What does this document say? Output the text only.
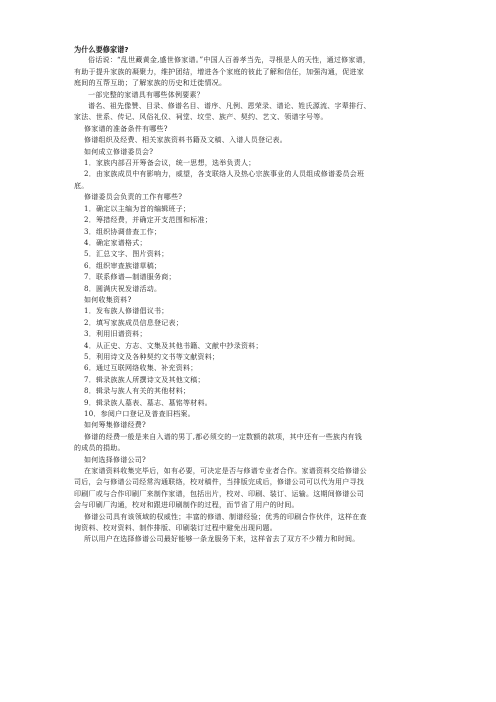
为什么要修家谱?

俗话说：“乱世藏黄金,盛世修家谱。”中国人百善孝当先，寻根是人的天性，通过修家谱，

有助于提升家族的凝聚力，维护团结，增进各个家庭的彼此了解和信任，加强沟通，促进家

庭间的互帮互助；了解家族的历史和迁徙情况。

一部完整的家谱具有哪些体例要素？

谱名、祖先像赞、目录、修谱名目、谱序、凡例、恩荣录、谱论、姓氏源流、字辈排行、

家法、世系、传记、风俗礼仪、祠堂、坟茔、族产、契约、艺文、领谱字号等。

修家谱的准备条件有哪些?

修谱组织及经费、相关家族资料书籍及文稿、入谱人员登记表。

如何成立修谱委员会?

1．家族内部召开筹备会议，统一思想，选举负责人；

2．由家族成员中有影响力，威望，各支联络人及热心宗族事业的人员组成修谱委员会班

底。

修谱委员会负责的工作有哪些?

1．确定以主编为首的编辑班子；

2．筹措经费，并确定开支范围和标准；

3．组织协调普查工作；

4．确定家谱格式；

5．汇总文字、图片资料；

6．组织审查族谱草稿；

7．联系修谱—制谱服务商；

8．圆满庆祝发谱活动。

如何收集资料?

1．发布族人修谱倡议书；

2．填写家族成员信息登记表；

3．利用旧谱资料；

4．从正史、方志、文集及其他书籍、文献中抄录资料；

5．利用诗文及各种契约文书等文献资料；

6．通过互联网络收集、补充资料；

7．辑录族族人所撰诗文及其他文稿；

8．辑录与族人有关的其他材料；

9．辑录族人墓表、墓志、墓铭等材料。

10．参阅户口登记及普查旧档案。

如何筹集修谱经费?

修谱的经费一般是来自入谱的男丁,都必须交的一定数额的款项，其中还有一些族内有钱

的成员的捐助。

如何选择修谱公司?

在家谱资料收集完毕后，如有必要，可决定是否与修谱专业者合作。家谱资料交给修谱公

司后，会与修谱公司经常沟通联络，校对稿件，当排版完成后，修谱公司可以代为用户寻找

印刷厂或与合作印刷厂来制作家谱，包括出片，校对、印刷、装订、运输。这期间修谱公司

会与印刷厂沟通，校对和跟进印刷制作的过程，而节省了用户的时间。

修谱公司具有该领域的权威性；丰富的修谱、制谱经验；优秀的印刷合作伙伴，这样在查

询资料、校对资料、制作排版、印刷装订过程中避免出现问题。

所以用户在选择修谱公司最好能够一条龙服务下来，这样省去了双方不少精力和时间。
